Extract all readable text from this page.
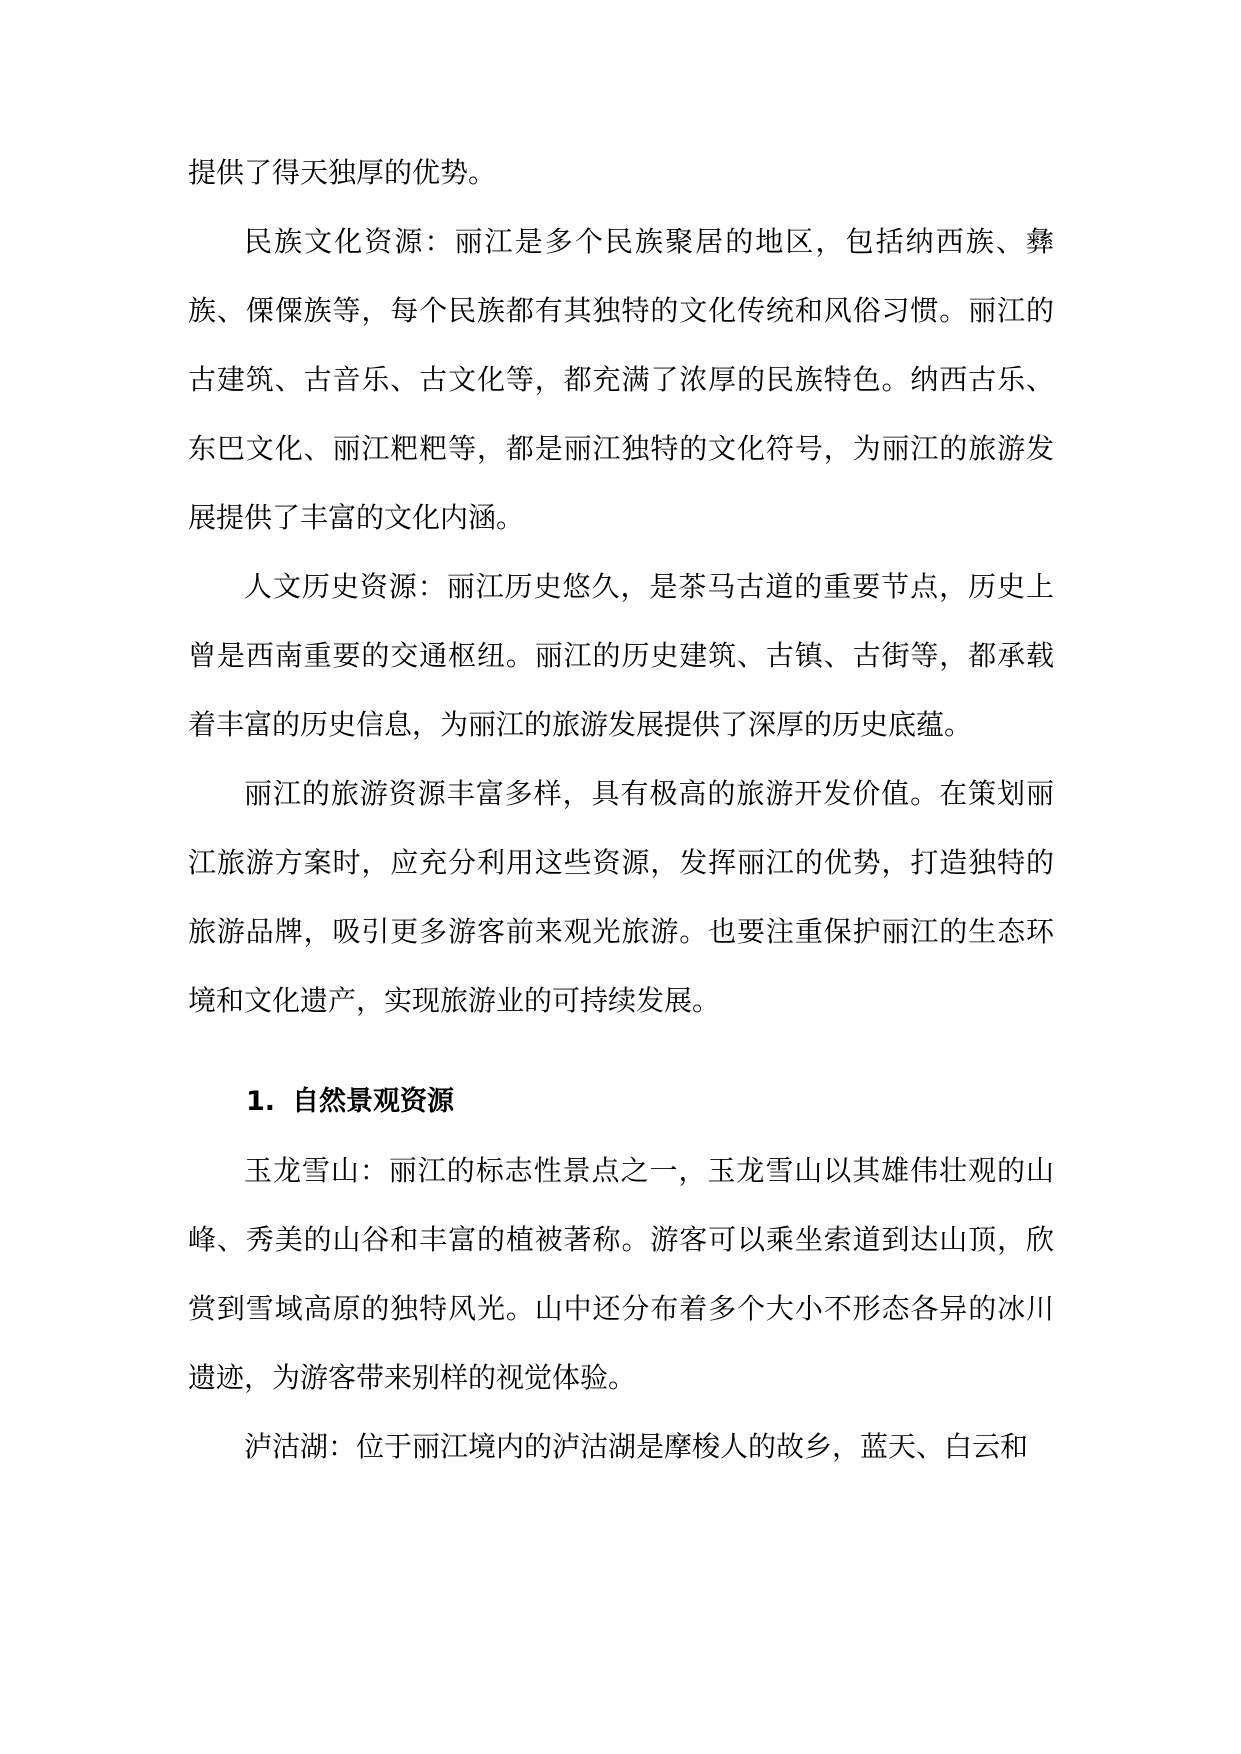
提供了得天独厚的优势。

民族文化资源：丽江是多个民族聚居的地区，包括纳西族、彝族、傈僳族等，每个民族都有其独特的文化传统和风俗习惯。丽江的古建筑、古音乐、古文化等，都充满了浓厚的民族特色。纳西古乐、东巴文化、丽江粑粑等，都是丽江独特的文化符号，为丽江的旅游发展提供了丰富的文化内涵。

人文历史资源：丽江历史悠久，是茶马古道的重要节点，历史上曾是西南重要的交通枢纽。丽江的历史建筑、古镇、古街等，都承载着丰富的历史信息，为丽江的旅游发展提供了深厚的历史底蕴。

丽江的旅游资源丰富多样，具有极高的旅游开发价值。在策划丽江旅游方案时，应充分利用这些资源，发挥丽江的优势，打造独特的旅游品牌，吸引更多游客前来观光旅游。也要注重保护丽江的生态环境和文化遗产，实现旅游业的可持续发展。

1. 自然景观资源

玉龙雪山：丽江的标志性景点之一，玉龙雪山以其雄伟壮观的山峰、秀美的山谷和丰富的植被著称。游客可以乘坐索道到达山顶，欣赏到雪域高原的独特风光。山中还分布着多个大小不形态各异的冰川遗迹，为游客带来别样的视觉体验。

泸沽湖：位于丽江境内的泸沽湖是摩梭人的故乡，蓝天、白云和
